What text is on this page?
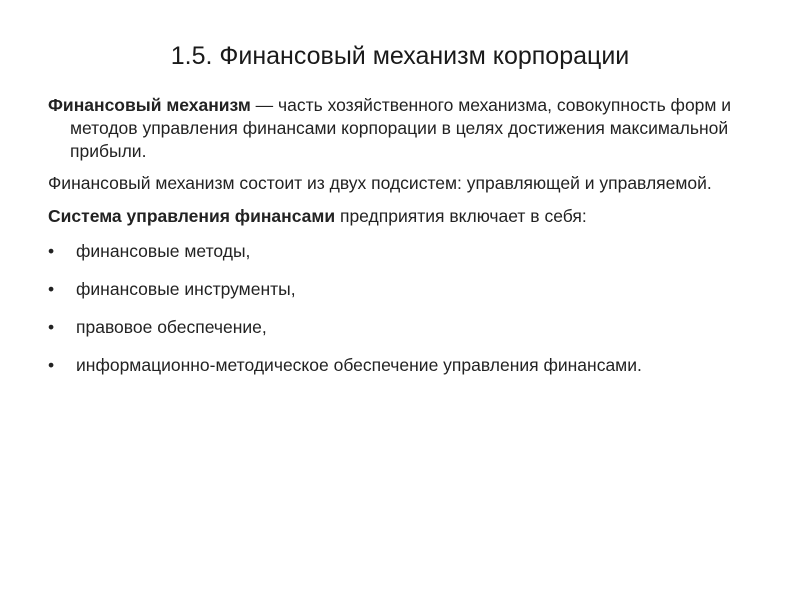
1.5. Финансовый механизм корпорации

Финансовый механизм — часть хозяйственного механизма, совокупность форм и методов управления финансами корпорации в целях достижения максимальной прибыли.

Финансовый механизм состоит из двух подсистем: управляющей и управляемой.

Система управления финансами предприятия включает в себя:

•	финансовые методы,
•	финансовые инструменты,
•	правовое обеспечение,
•	информационно-методическое обеспечение управления финансами.
